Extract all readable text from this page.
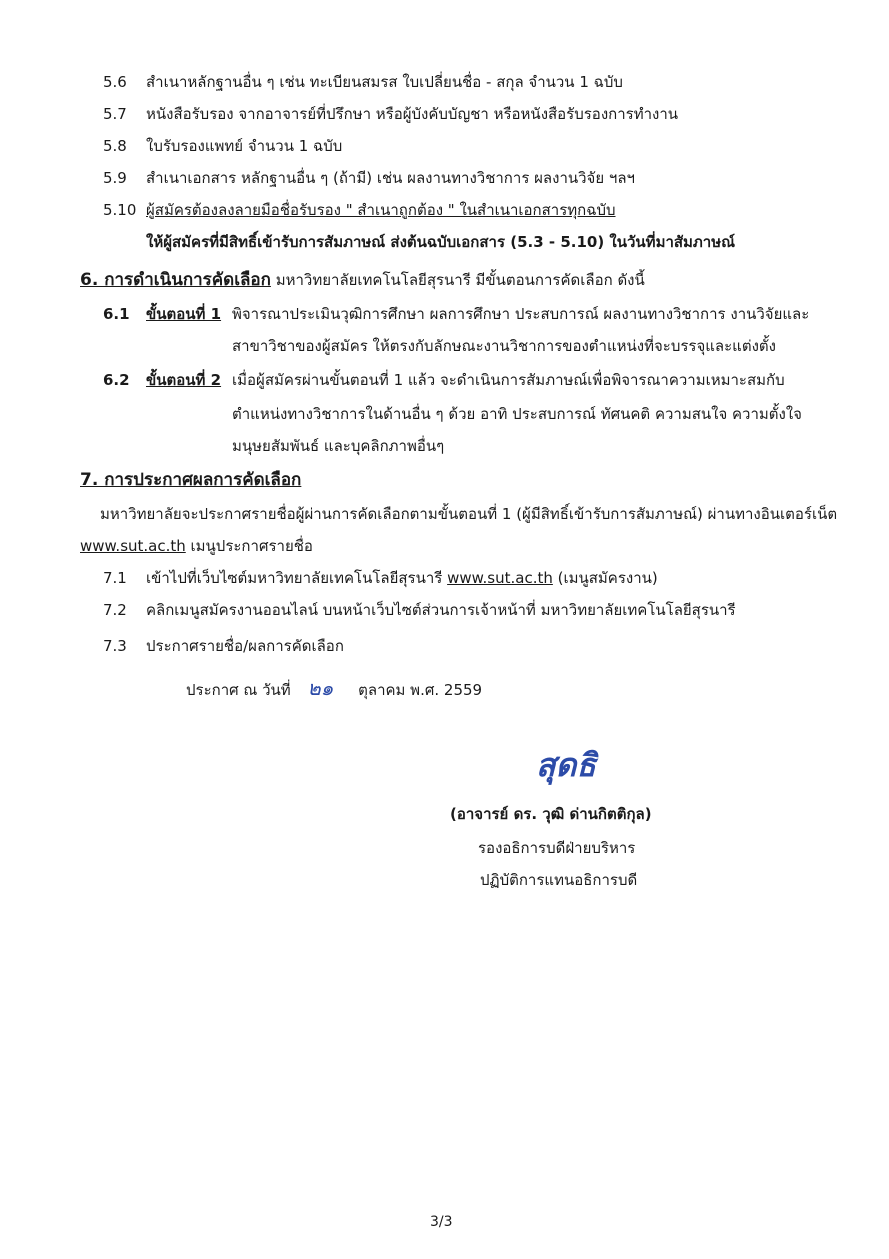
5.6 สำเนาหลักฐานอื่น ๆ เช่น ทะเบียนสมรส ใบเปลี่ยนชื่อ - สกุล จำนวน 1 ฉบับ
5.7 หนังสือรับรอง จากอาจารย์ที่ปรึกษา หรือผู้บังคับบัญชา หรือหนังสือรับรองการทำงาน
5.8 ใบรับรองแพทย์ จำนวน 1 ฉบับ
5.9 สำเนาเอกสาร หลักฐานอื่น ๆ (ถ้ามี) เช่น ผลงานทางวิชาการ ผลงานวิจัย ฯลฯ
5.10 ผู้สมัครต้องลงลายมือชื่อรับรอง " สำเนาถูกต้อง " ในสำเนาเอกสารทุกฉบับ
ให้ผู้สมัครที่มีสิทธิ์เข้ารับการสัมภาษณ์ ส่งต้นฉบับเอกสาร (5.3 - 5.10) ในวันที่มาสัมภาษณ์
6. การดำเนินการคัดเลือก มหาวิทยาลัยเทคโนโลยีสุรนารี มีขั้นตอนการคัดเลือก ดังนี้
6.1 ขั้นตอนที่ 1 พิจารณาประเมินวุฒิการศึกษา ผลการศึกษา ประสบการณ์ ผลงานทางวิชาการ งานวิจัยและ
สาขาวิชาของผู้สมัคร ให้ตรงกับลักษณะงานวิชาการของตำแหน่งที่จะบรรจุและแต่งตั้ง
6.2 ขั้นตอนที่ 2 เมื่อผู้สมัครผ่านขั้นตอนที่ 1 แล้ว จะดำเนินการสัมภาษณ์เพื่อพิจารณาความเหมาะสมกับ
ตำแหน่งทางวิชาการในด้านอื่น ๆ ด้วย อาทิ ประสบการณ์ ทัศนคติ ความสนใจ ความตั้งใจ
มนุษยสัมพันธ์ และบุคลิกภาพอื่นๆ
7. การประกาศผลการคัดเลือก
มหาวิทยาลัยจะประกาศรายชื่อผู้ผ่านการคัดเลือกตามขั้นตอนที่ 1 (ผู้มีสิทธิ์เข้ารับการสัมภาษณ์) ผ่านทางอินเตอร์เน็ต
www.sut.ac.th เมนูประกาศรายชื่อ
7.1 เข้าไปที่เว็บไซต์มหาวิทยาลัยเทคโนโลยีสุรนารี www.sut.ac.th (เมนูสมัครงาน)
7.2 คลิกเมนูสมัครงานออนไลน์ บนหน้าเว็บไซต์ส่วนการเจ้าหน้าที่ มหาวิทยาลัยเทคโนโลยีสุรนารี
7.3 ประกาศรายชื่อ/ผลการคัดเลือก
ประกาศ ณ วันที่ ๒๑ ตุลาคม พ.ศ. 2559
สุดธิ
(อาจารย์ ดร. วุฒิ ด่านกิตติกุล)
รองอธิการบดีฝ่ายบริหาร
ปฏิบัติการแทนอธิการบดี
3/3
